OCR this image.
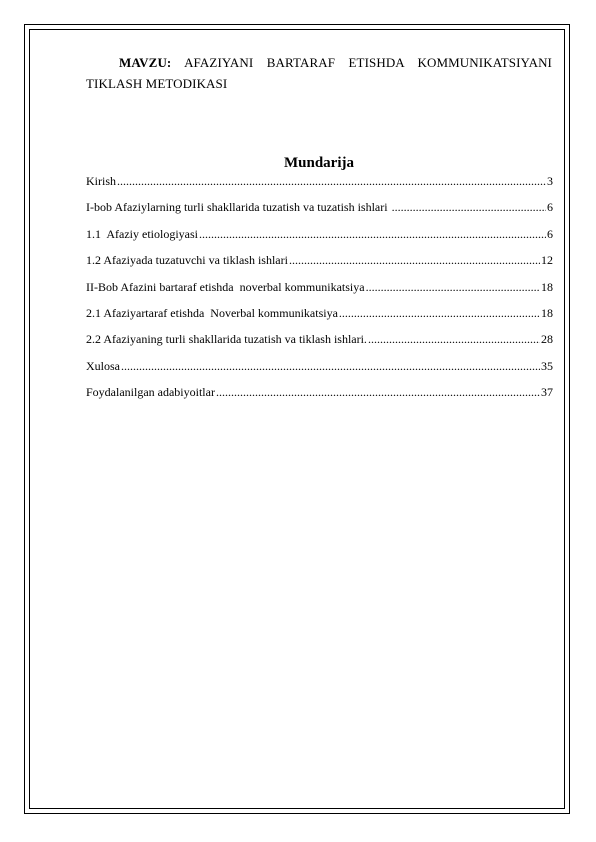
MAVZU: AFAZIYANI BARTARAF ETISHDA KOMMUNIKATSIYANI TIKLASH METODIKASI
Mundarija
Kirish .....	3
I-bob Afaziylarning turli shakllarida tuzatish va tuzatish ishlari .....	6
1.1  Afaziy etiologiyasi .....	6
1.2 Afaziyada tuzatuvchi va tiklash ishlari .....	12
II-Bob Afazini bartaraf etishda  noverbal kommunikatsiya .....	18
2.1 Afaziyartaraf etishda  Noverbal kommunikatsiya .....	18
2.2 Afaziyaning turli shakllarida tuzatish va tiklash ishlari. .....	28
Xulosa .....	35
Foydalanilgan adabiyoitlar .....	37
